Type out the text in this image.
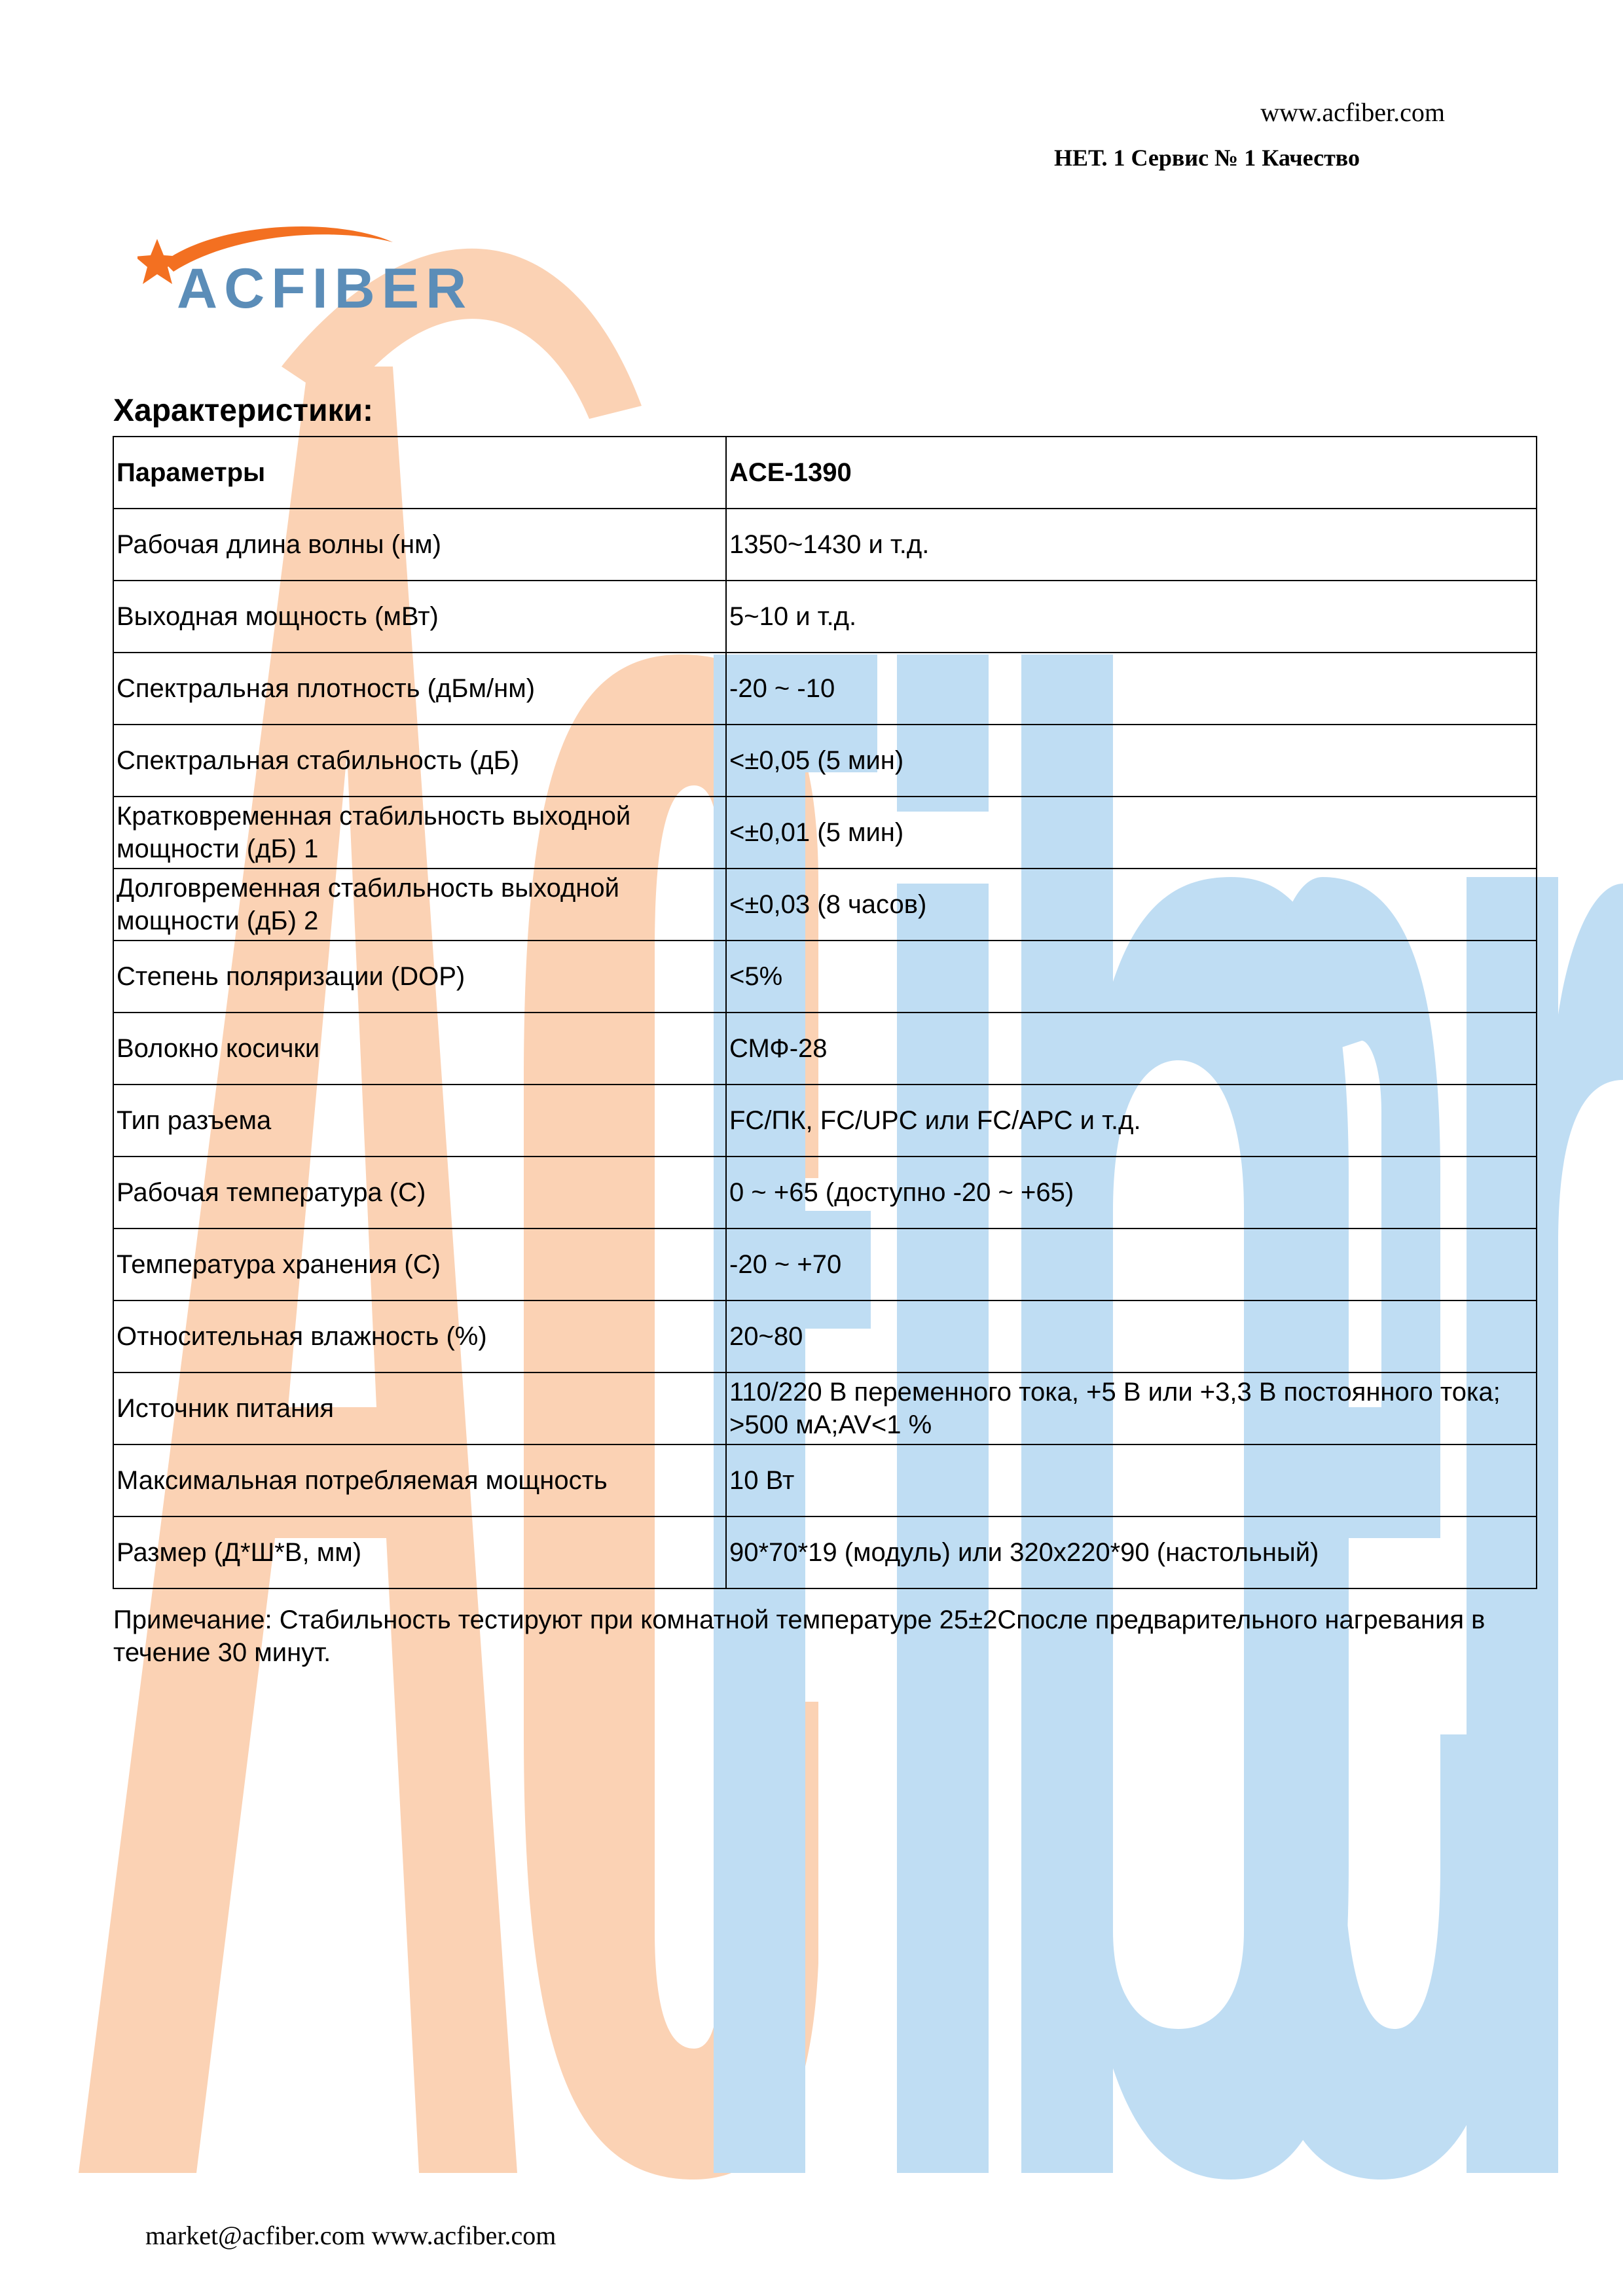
www.acfiber.com
НЕТ. 1 Сервис № 1 Качество
ACFIBER
Характеристики:
Параметры	ACE-1390
Рабочая длина волны (нм)	1350~1430 и т.д.
Выходная мощность (мВт)	5~10 и т.д.
Спектральная плотность (дБм/нм)	-20 ~ -10
Спектральная стабильность (дБ)	<±0,05 (5 мин)
Кратковременная стабильность выходной мощности (дБ) 1	<±0,01 (5 мин)
Долговременная стабильность выходной мощности (дБ) 2	<±0,03 (8 часов)
Степень поляризации (DOP)	<5%
Волокно косички	СМФ-28
Тип разъема	FC/ПК, FC/UPC или FC/APC и т.д.
Рабочая температура (C)	0 ~ +65 (доступно -20 ~ +65)
Температура хранения (C)	-20 ~ +70
Относительная влажность (%)	20~80
Источник питания	110/220 В переменного тока, +5 В или +3,3 В постоянного тока; >500 мА;AV<1 %
Максимальная потребляемая мощность	10 Вт
Размер (Д*Ш*В, мм)	90*70*19 (модуль) или 320x220*90 (настольный)
Примечание: Стабильность тестируют при комнатной температуре 25±2Cпосле предварительного нагревания в течение 30 минут.
market@acfiber.com www.acfiber.com
